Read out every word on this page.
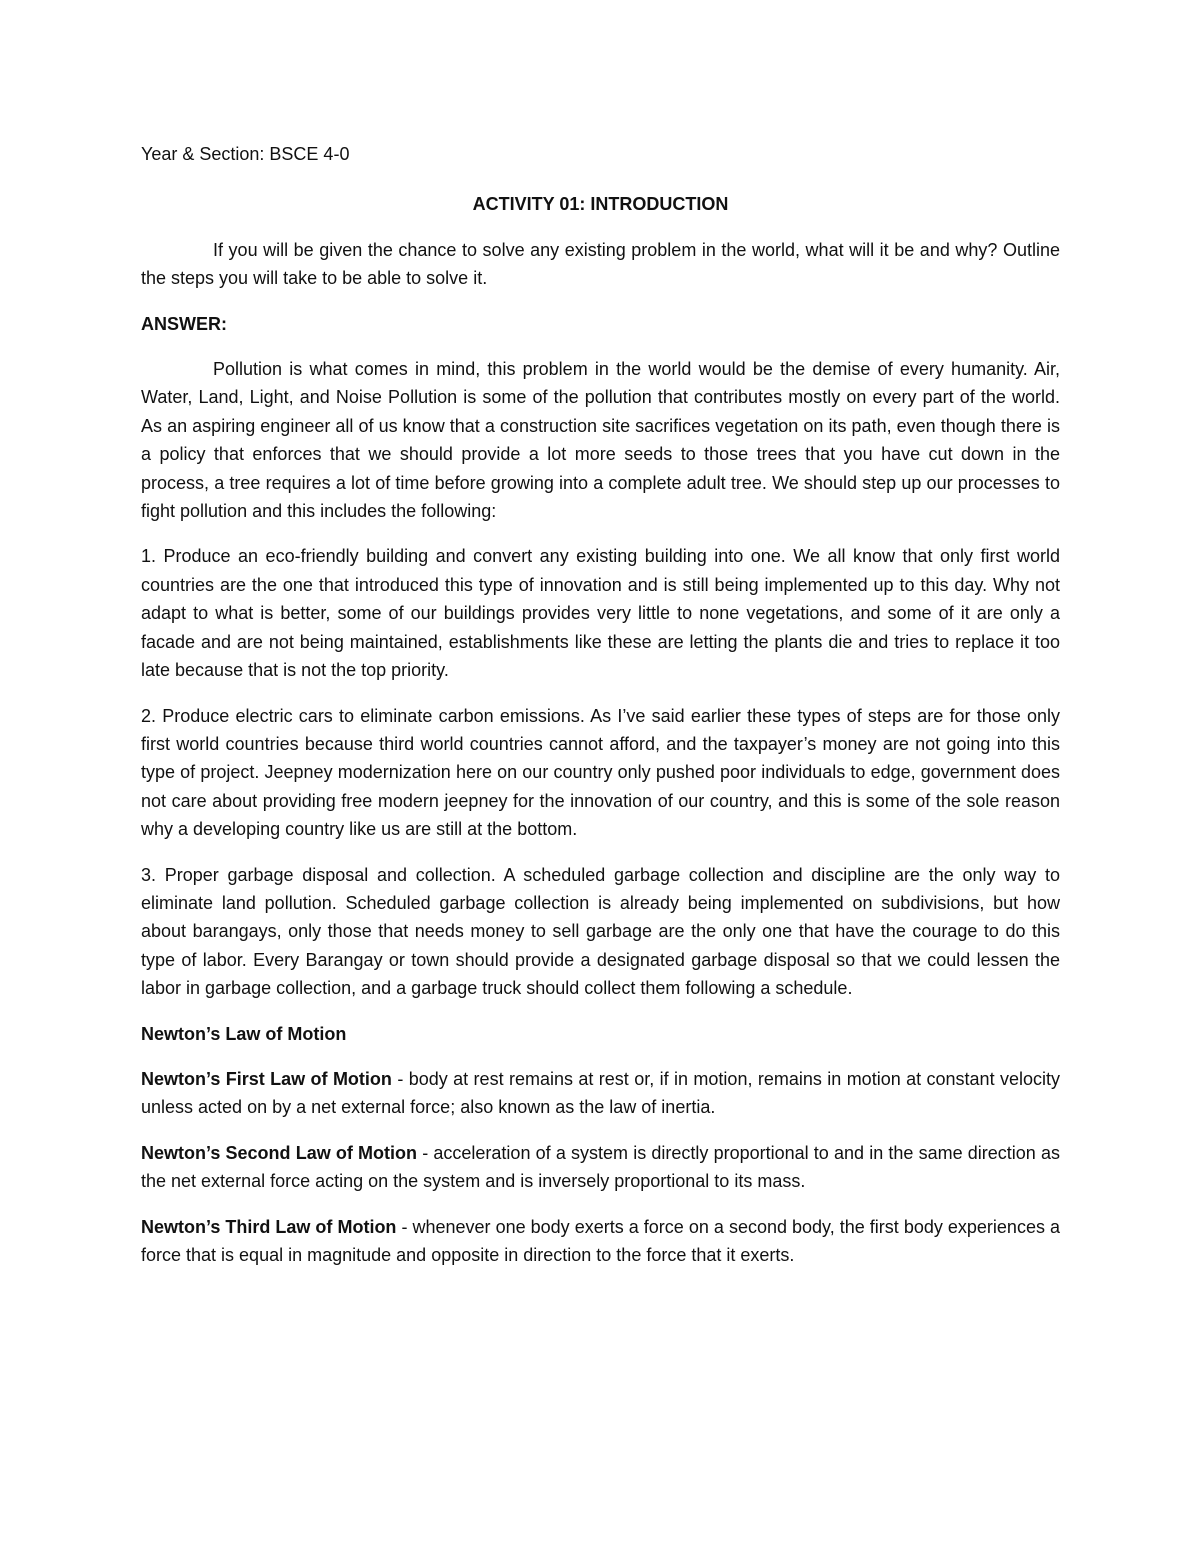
Year & Section: BSCE 4-0

ACTIVITY 01: INTRODUCTION

If you will be given the chance to solve any existing problem in the world, what will it be and why? Outline the steps you will take to be able to solve it.

ANSWER:

Pollution is what comes in mind, this problem in the world would be the demise of every humanity. Air, Water, Land, Light, and Noise Pollution is some of the pollution that contributes mostly on every part of the world. As an aspiring engineer all of us know that a construction site sacrifices vegetation on its path, even though there is a policy that enforces that we should provide a lot more seeds to those trees that you have cut down in the process, a tree requires a lot of time before growing into a complete adult tree. We should step up our processes to fight pollution and this includes the following:

1. Produce an eco-friendly building and convert any existing building into one. We all know that only first world countries are the one that introduced this type of innovation and is still being implemented up to this day. Why not adapt to what is better, some of our buildings provides very little to none vegetations, and some of it are only a facade and are not being maintained, establishments like these are letting the plants die and tries to replace it too late because that is not the top priority.

2. Produce electric cars to eliminate carbon emissions. As I’ve said earlier these types of steps are for those only first world countries because third world countries cannot afford, and the taxpayer’s money are not going into this type of project. Jeepney modernization here on our country only pushed poor individuals to edge, government does not care about providing free modern jeepney for the innovation of our country, and this is some of the sole reason why a developing country like us are still at the bottom.

3. Proper garbage disposal and collection. A scheduled garbage collection and discipline are the only way to eliminate land pollution. Scheduled garbage collection is already being implemented on subdivisions, but how about barangays, only those that needs money to sell garbage are the only one that have the courage to do this type of labor. Every Barangay or town should provide a designated garbage disposal so that we could lessen the labor in garbage collection, and a garbage truck should collect them following a schedule.

Newton’s Law of Motion

Newton’s First Law of Motion - body at rest remains at rest or, if in motion, remains in motion at constant velocity unless acted on by a net external force; also known as the law of inertia.

Newton’s Second Law of Motion - acceleration of a system is directly proportional to and in the same direction as the net external force acting on the system and is inversely proportional to its mass.

Newton’s Third Law of Motion - whenever one body exerts a force on a second body, the first body experiences a force that is equal in magnitude and opposite in direction to the force that it exerts.
